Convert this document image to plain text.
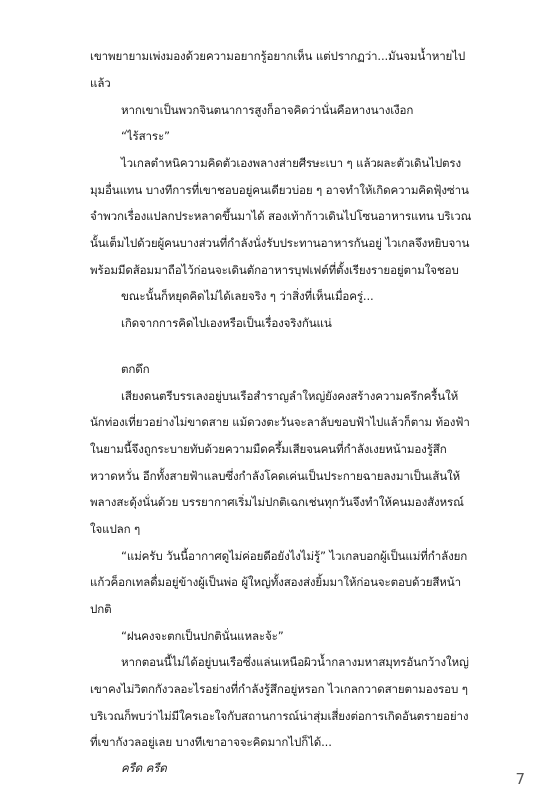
เขาพยายามเพ่งมองด้วยความอยากรู้อยากเห็น แต่ปรากฏว่า...มันจมน้ำหายไป
แล้ว
หากเขาเป็นพวกจินตนาการสูงก็อาจคิดว่านั่นคือหางนางเงือก
“ไร้สาระ”
ไวเกลตำหนิความคิดตัวเองพลางส่ายศีรษะเบา ๆ แล้วผละตัวเดินไปตรง
มุมอื่นแทน บางทีการที่เขาชอบอยู่คนเดียวบ่อย ๆ อาจทำให้เกิดความคิดฟุ้งซ่าน
จำพวกเรื่องแปลกประหลาดขึ้นมาได้ สองเท้าก้าวเดินไปโซนอาหารแทน บริเวณ
นั้นเต็มไปด้วยผู้คนบางส่วนที่กำลังนั่งรับประทานอาหารกันอยู่ ไวเกลจึงหยิบจาน
พร้อมมีดส้อมมาถือไว้ก่อนจะเดินตักอาหารบุฟเฟต์ที่ตั้งเรียงรายอยู่ตามใจชอบ
ขณะนั้นก็หยุดคิดไม่ได้เลยจริง ๆ ว่าสิ่งที่เห็นเมื่อครู่...
เกิดจากการคิดไปเองหรือเป็นเรื่องจริงกันแน่
ตกดึก
เสียงดนตรีบรรเลงอยู่บนเรือสำราญลำใหญ่ยังคงสร้างความครึกครื้นให้
นักท่องเที่ยวอย่างไม่ขาดสาย แม้ดวงตะวันจะลาลับขอบฟ้าไปแล้วก็ตาม ท้องฟ้า
ในยามนี้จึงถูกระบายทับด้วยความมืดครึ้มเสียจนคนที่กำลังเงยหน้ามองรู้สึก
หวาดหวั่น อีกทั้งสายฟ้าแลบซึ่งกำลังโคดเค่นเป็นประกายฉายลงมาเป็นเส้นให้
พลางสะดุ้งนั่นด้วย บรรยากาศเริ่มไม่ปกติเฉกเช่นทุกวันจึงทำให้คนมองสังหรณ์
ใจแปลก ๆ
“แม่ครับ วันนี้อากาศดูไม่ค่อยดีอยังไงไม่รู้” ไวเกลบอกผู้เป็นแม่ที่กำลังยก
แก้วค็อกเทลดื่มอยู่ข้างผู้เป็นพ่อ ผู้ใหญ่ทั้งสองส่งยิ้มมาให้ก่อนจะตอบด้วยสีหน้า
ปกติ
“ฝนคงจะตกเป็นปกตินั่นแหละจ้ะ”
หากตอนนี้ไม่ได้อยู่บนเรือซึ่งแล่นเหนือผิวน้ำกลางมหาสมุทรอันกว้างใหญ่
เขาคงไม่วิตกกังวลอะไรอย่างที่กำลังรู้สึกอยู่หรอก ไวเกลกวาดสายตามองรอบ ๆ
บริเวณก็พบว่าไม่มีใครเอะใจกับสถานการณ์น่าสุ่มเสี่ยงต่อการเกิดอันตรายอย่าง
ที่เขากังวลอยู่เลย บางทีเขาอาจจะคิดมากไปก็ได้...
ครืด ครืด
7
